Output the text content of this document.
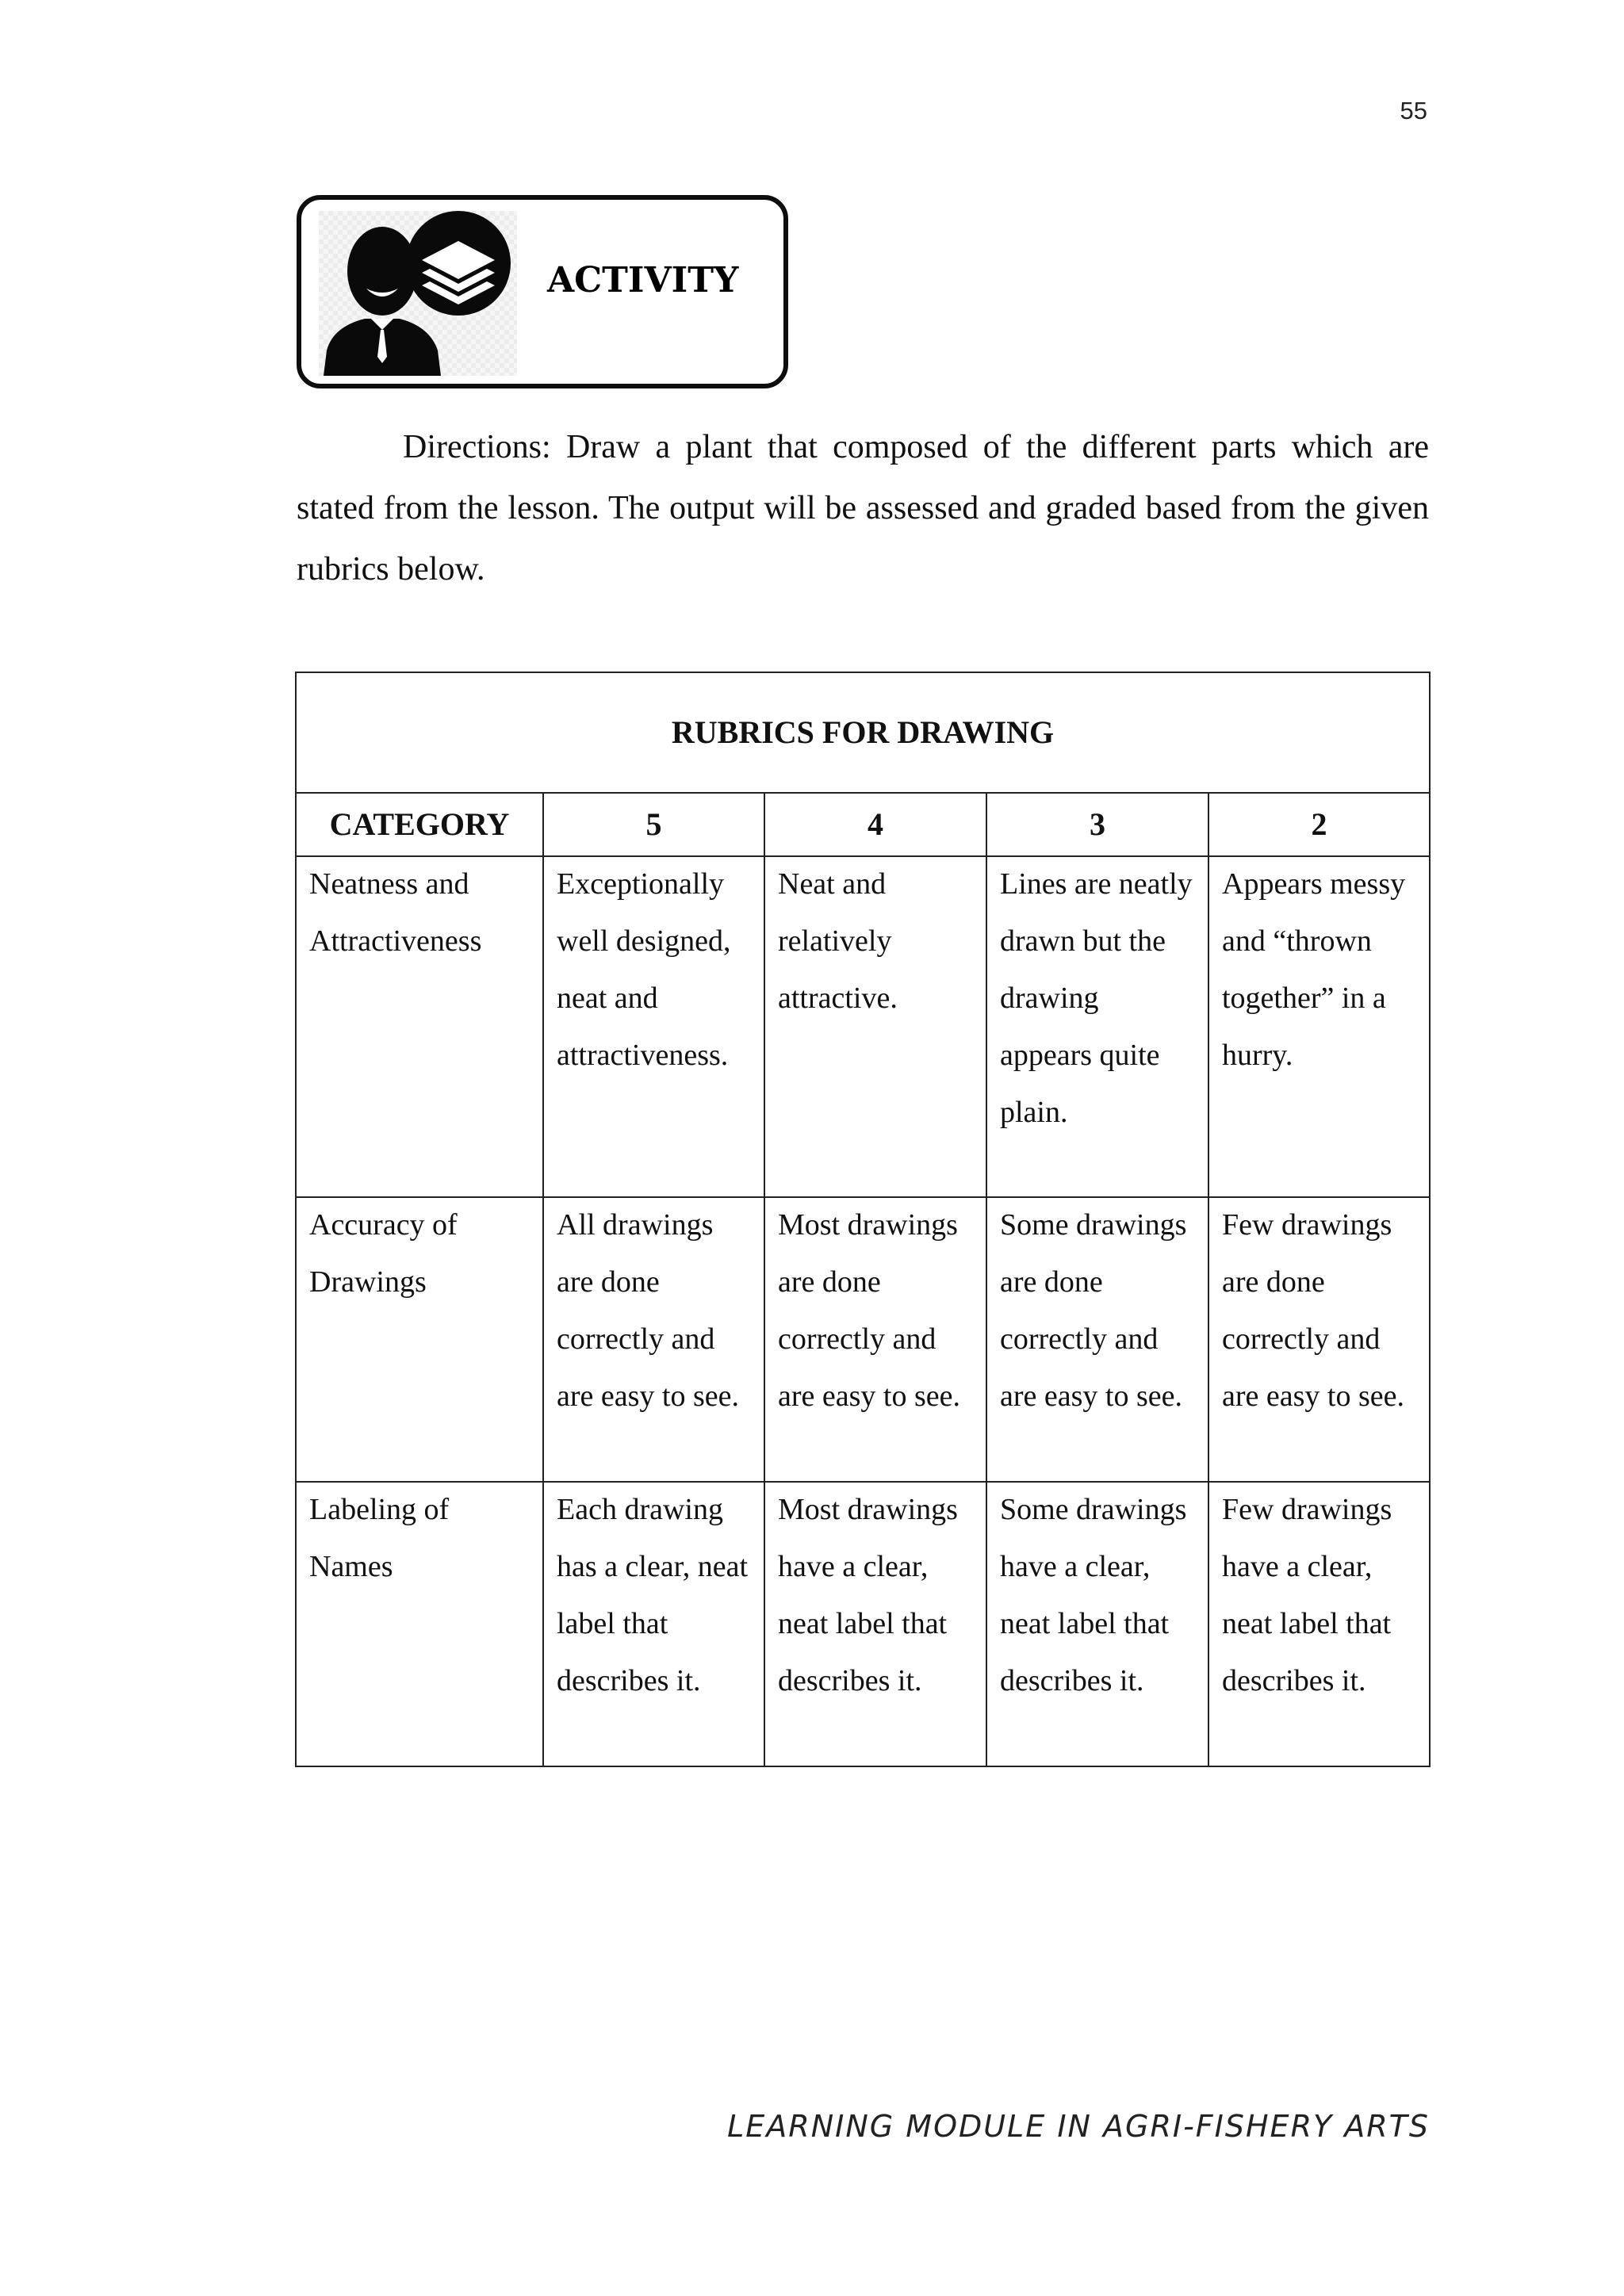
55
ACTIVITY

Directions: Draw a plant that composed of the different parts which are stated from the lesson. The output will be assessed and graded based from the given rubrics below.

RUBRICS FOR DRAWING				
CATEGORY	5	4	3	2

Neatness and Attractiveness	Exceptionally well designed, neat and attractiveness.	Neat and relatively attractive.	Lines are neatly drawn but the drawing appears quite plain.	Appears messy and “thrown together” in a hurry.

Accuracy of Drawings	All drawings are done correctly and are easy to see.	Most drawings are done correctly and are easy to see.	Some drawings are done correctly and are easy to see.	Few drawings are done correctly and are easy to see.

Labeling of Names	Each drawing has a clear, neat label that describes it.	Most drawings have a clear, neat label that describes it.	Some drawings have a clear, neat label that describes it.	Few drawings have a clear, neat label that describes it.
LEARNING MODULE IN AGRI-FISHERY ARTS
